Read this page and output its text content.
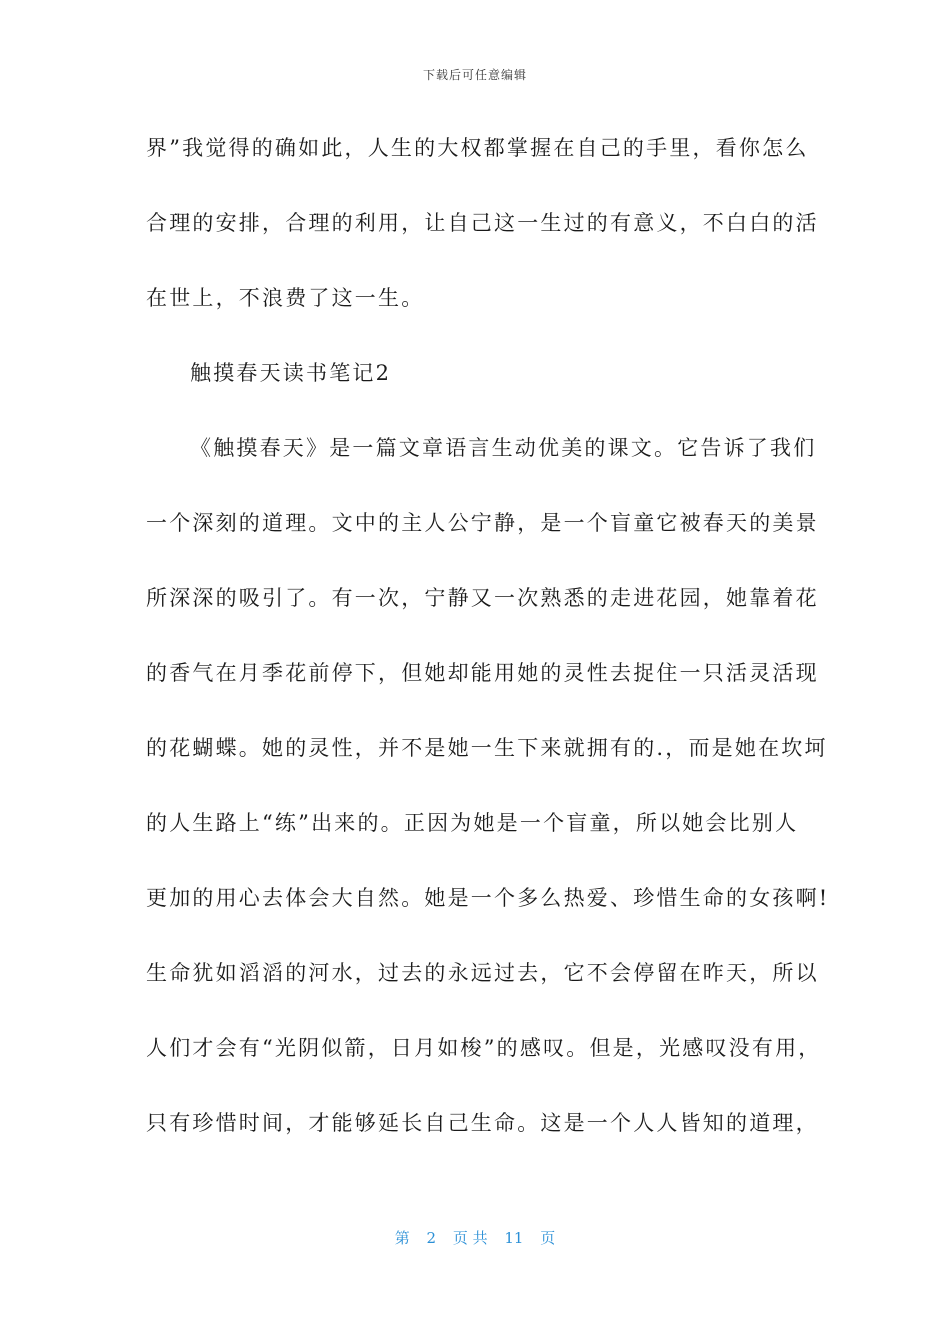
下载后可任意编辑
界”我觉得的确如此，人生的大权都掌握在自己的手里，看你怎么
合理的安排，合理的利用，让自己这一生过的有意义，不白白的活
在世上，不浪费了这一生。
触摸春天读书笔记2
《触摸春天》是一篇文章语言生动优美的课文。它告诉了我们
一个深刻的道理。文中的主人公宁静，是一个盲童它被春天的美景
所深深的吸引了。有一次，宁静又一次熟悉的走进花园，她靠着花
的香气在月季花前停下，但她却能用她的灵性去捉住一只活灵活现
的花蝴蝶。她的灵性，并不是她一生下来就拥有的.，而是她在坎坷
的人生路上“练”出来的。正因为她是一个盲童，所以她会比别人
更加的用心去体会大自然。她是一个多么热爱、珍惜生命的女孩啊!
生命犹如滔滔的河水，过去的永远过去，它不会停留在昨天，所以
人们才会有“光阴似箭，日月如梭”的感叹。但是，光感叹没有用，
只有珍惜时间，才能够延长自己生命。这是一个人人皆知的道理，
第 2 页 共 11 页
